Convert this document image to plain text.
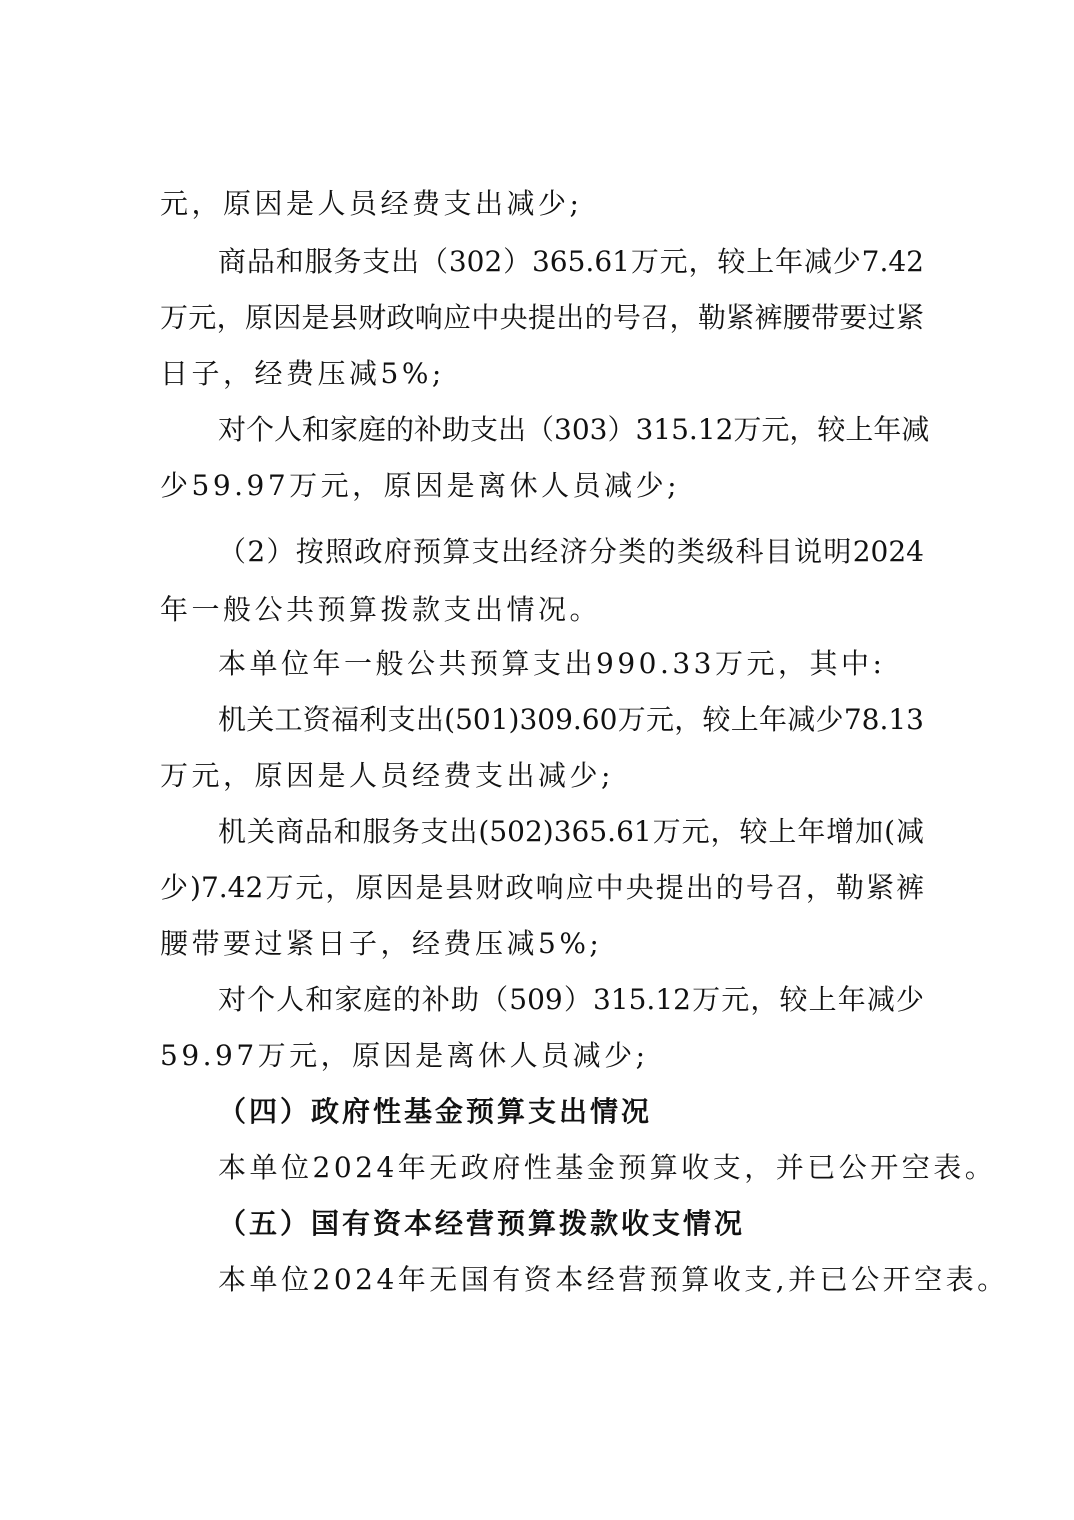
元，原因是人员经费支出减少;
商品和服务支出（302）365.61万元，较上年减少7.42
万元，原因是县财政响应中央提出的号召，勒紧裤腰带要过紧
日子，经费压减5%;
对个人和家庭的补助支出（303）315.12万元，较上年减
少59.97万元，原因是离休人员减少;
（2）按照政府预算支出经济分类的类级科目说明2024
年一般公共预算拨款支出情况。
本单位年一般公共预算支出990.33万元，其中:
机关工资福利支出(501)309.60万元，较上年减少78.13
万元，原因是人员经费支出减少;
机关商品和服务支出(502)365.61万元，较上年增加(减
少)7.42万元，原因是县财政响应中央提出的号召，勒紧裤
腰带要过紧日子，经费压减5%;
对个人和家庭的补助（509）315.12万元，较上年减少
59.97万元，原因是离休人员减少;
（四）政府性基金预算支出情况
本单位2024年无政府性基金预算收支，并已公开空表。
（五）国有资本经营预算拨款收支情况
本单位2024年无国有资本经营预算收支,并已公开空表。
